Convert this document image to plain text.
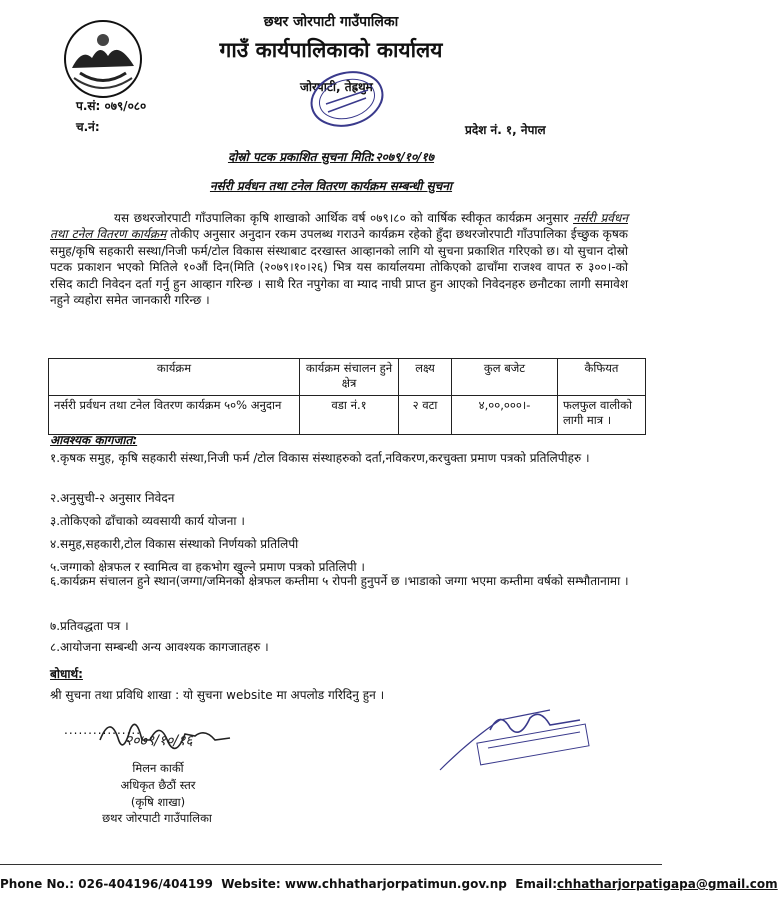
छथर जोरपाटी गाउँपालिका
गाउँ कार्यपालिकाको कार्यालय
जोरपाटी, तेह्रथुम
प.सं: ०७९/०८०
च.नं:	प्रदेश नं. १, नेपाल
दोस्रो पटक प्रकाशित सुचना मिति:२०७९/१०/१७
नर्सरी प्रर्वधन तथा टनेल वितरण कार्यक्रम सम्बन्धी सुचना
यस छथरजोरपाटी गाँउपालिका कृषि शाखाको आर्थिक वर्ष ०७९।८० को वार्षिक स्वीकृत कार्यक्रम अनुसार नर्सरी प्रर्वधन तथा टनेल वितरण कार्यक्रम तोकीए अनुसार अनुदान रकम उपलब्ध गराउने कार्यक्रम रहेको हुँदा छथरजोरपाटी गाँउपालिका ईच्छुक कृषक समुह/कृषि सहकारी सस्था/निजी फर्म/टोल विकास संस्थाबाट दरखास्त आव्हानको लागि यो सुचना प्रकाशित गरिएको छ। यो सुचान दोस्रो पटक प्रकाशन भएको मितिले १०औं दिन(मिति (२०७९।१०।२६) भित्र यस कार्यालयमा तोकिएको ढाचाँमा राजश्व वापत रु ३००।-को रसिद काटी निवेदन दर्ता गर्नु हुन आव्हान गरिन्छ । साथै रित नपुगेका वा म्याद नाघी प्राप्त हुन आएको निवेदनहरु छनौटका लागी समावेश नहुने व्यहोरा समेत जानकारी गरिन्छ ।
कार्यक्रम	कार्यक्रम संचालन हुने क्षेत्र	लक्ष्य	कुल बजेट	कैफियत
नर्सरी प्रर्वधन तथा टनेल वितरण कार्यक्रम ५०% अनुदान	वडा नं.१	२ वटा	४,००,०००।-	फलफुल वालीको लागी मात्र ।
आवश्यक कागजात:
१.कृषक समुह, कृषि सहकारी संस्था,निजी फर्म /टोल विकास संस्थाहरुको दर्ता,नविकरण,करचुक्ता प्रमाण पत्रको प्रतिलिपीहरु ।
२.अनुसुची-२ अनुसार निवेदन
३.तोकिएको ढाँचाको व्यवसायी कार्य योजना ।
४.समुह,सहकारी,टोल विकास संस्थाको निर्णयको प्रतिलिपी
५.जग्गाको क्षेत्रफल र स्वामित्व वा हकभोग खुल्ने प्रमाण पत्रको प्रतिलिपी ।
६.कार्यक्रम संचालन हुने स्थान(जग्गा/जमिनको क्षेत्रफल कम्तीमा ५ रोपनी हुनुपर्ने छ ।भाडाको जग्गा भएमा कम्तीमा वर्षको सम्भौतानामा ।
७.प्रतिवद्धता पत्र ।
८.आयोजना सम्बन्धी अन्य आवश्यक कागजातहरु ।
बोधार्थ:
श्री सुचना तथा प्रविधि शाखा : यो सुचना website मा अपलोड गरिदिनु हुन ।
................
२०७९/१०/१६
मिलन कार्की
अधिकृत छैठौं स्तर
(कृषि शाखा)
छथर जोरपाटी गाउँपालिका
Phone No.: 026-404196/404199 Website: www.chhatharjorpatimun.gov.np Email:chhatharjorpatigapa@gmail.com
